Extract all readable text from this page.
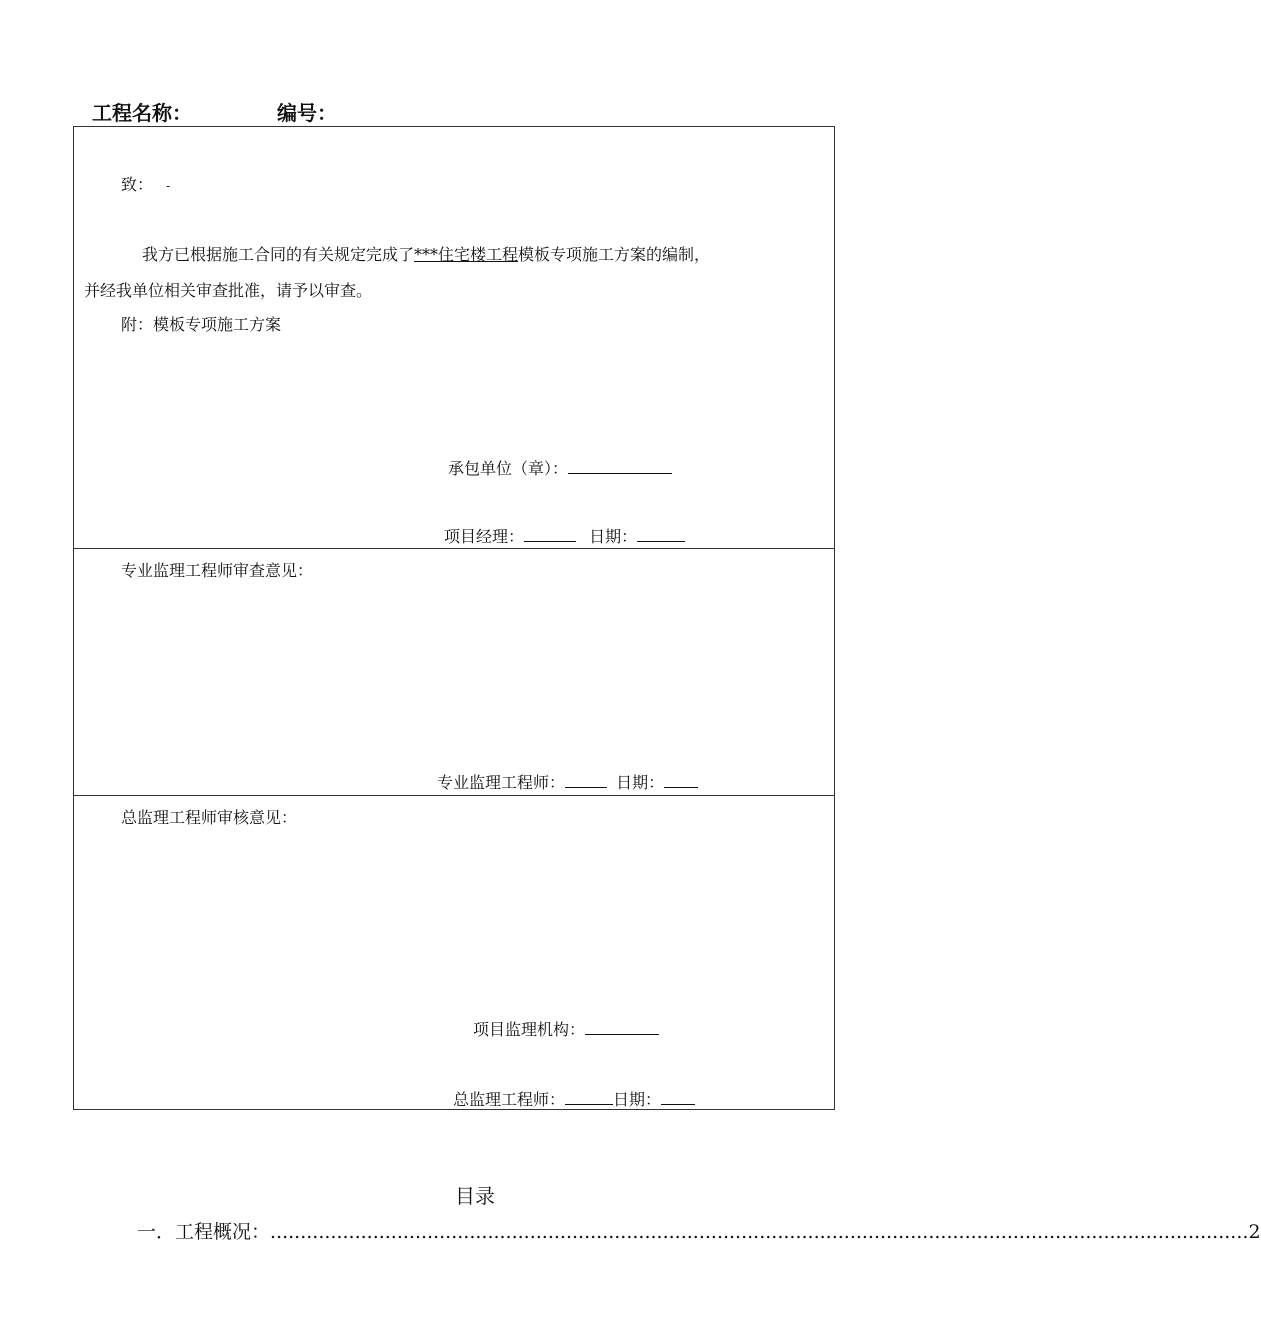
工程名称：	编号：
致： -
我方已根据施工合同的有关规定完成了***住宅楼工程模板专项施工方案的编制，
并经我单位相关审查批准，请予以审查。
附：模板专项施工方案
承包单位（章）：
项目经理：	日期：
专业监理工程师审查意见：
专业监理工程师：	日期：
总监理工程师审核意见：
项目监理机构：
总监理工程师：	日期：
目录
一．工程概况： .................................................................................................................................................................. 2
